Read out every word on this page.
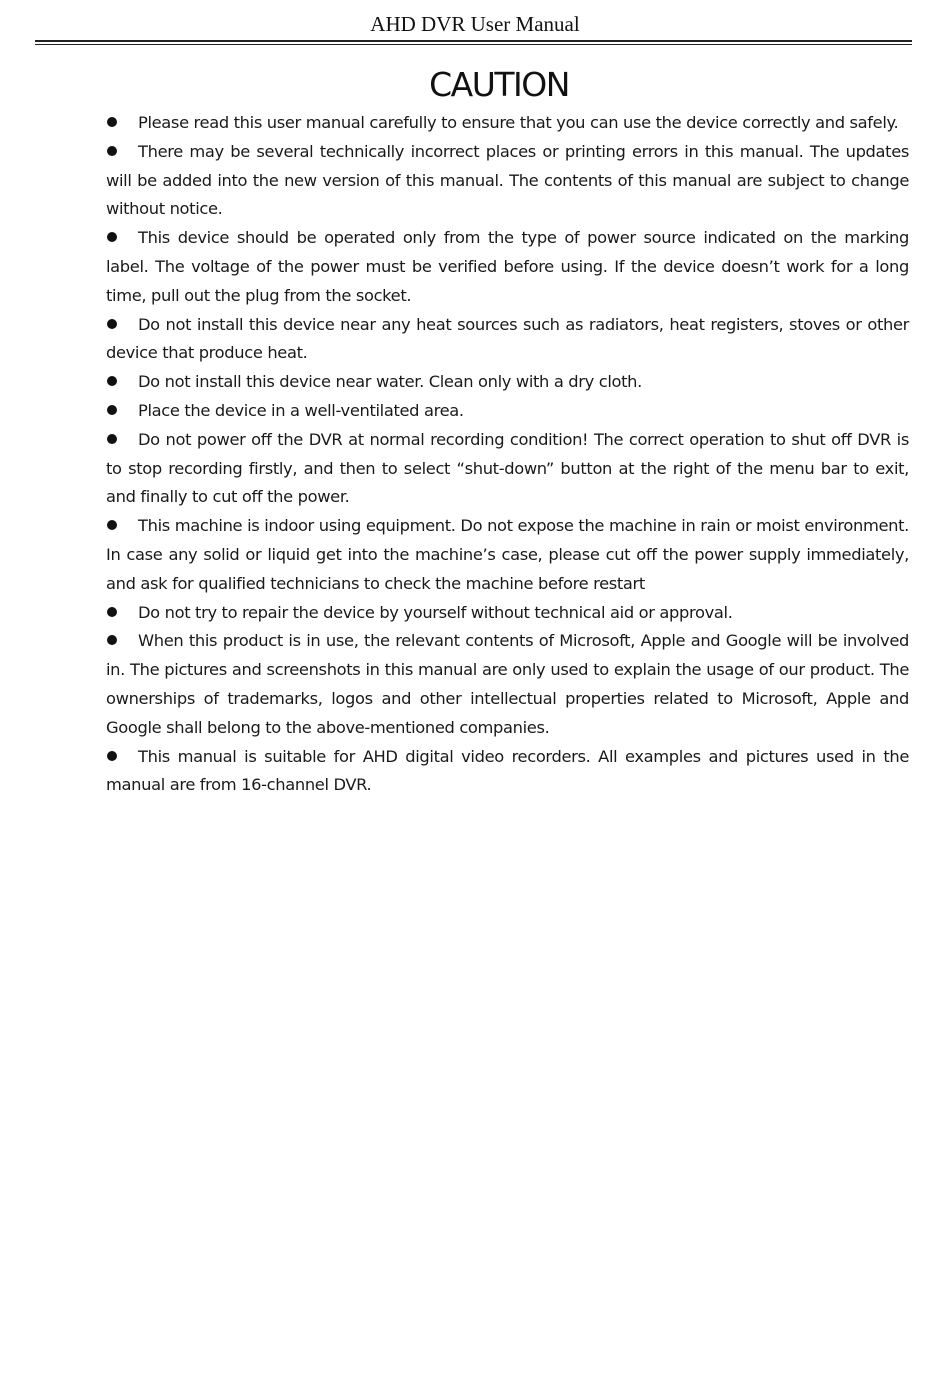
AHD DVR User Manual
CAUTION

Please read this user manual carefully to ensure that you can use the device correctly and safely.

There may be several technically incorrect places or printing errors in this manual. The updates will be added into the new version of this manual. The contents of this manual are subject to change without notice.

This device should be operated only from the type of power source indicated on the marking label. The voltage of the power must be verified before using. If the device doesn’t work for a long time, pull out the plug from the socket.

Do not install this device near any heat sources such as radiators, heat registers, stoves or other device that produce heat.

Do not install this device near water. Clean only with a dry cloth.

Place the device in a well-ventilated area.

Do not power off the DVR at normal recording condition! The correct operation to shut off DVR is to stop recording firstly, and then to select “shut-down” button at the right of the menu bar to exit, and finally to cut off the power.

This machine is indoor using equipment. Do not expose the machine in rain or moist environment. In case any solid or liquid get into the machine’s case, please cut off the power supply immediately, and ask for qualified technicians to check the machine before restart

Do not try to repair the device by yourself without technical aid or approval.

When this product is in use, the relevant contents of Microsoft, Apple and Google will be involved in. The pictures and screenshots in this manual are only used to explain the usage of our product. The ownerships of trademarks, logos and other intellectual properties related to Microsoft, Apple and Google shall belong to the above-mentioned companies.

This manual is suitable for AHD digital video recorders. All examples and pictures used in the manual are from 16-channel DVR.
